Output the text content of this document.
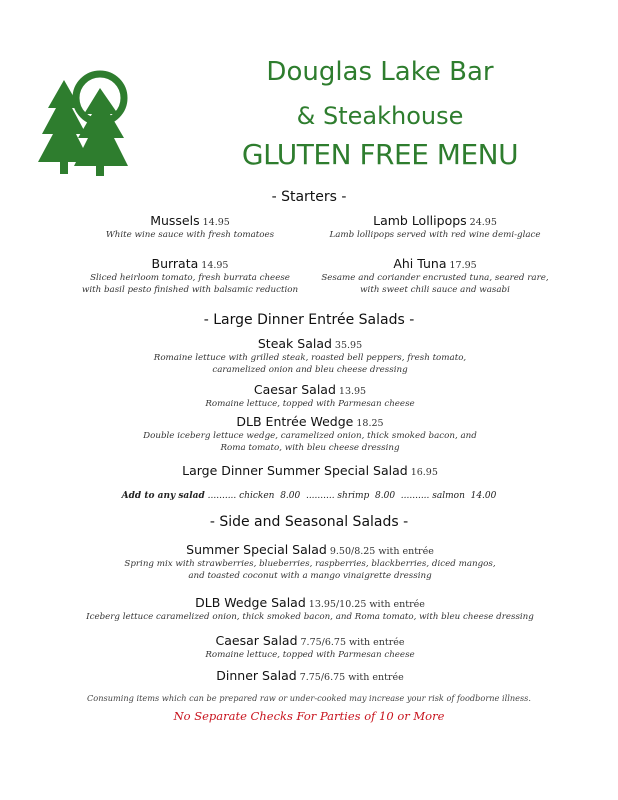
Douglas Lake Bar
& Steakhouse
GLUTEN FREE MENU
- Starters -
Mussels 14.95
White wine sauce with fresh tomatoes
Lamb Lollipops 24.95
Lamb lollipops served with red wine demi-glace
Burrata 14.95
Sliced heirloom tomato, fresh burrata cheese
with basil pesto finished with balsamic reduction
Ahi Tuna 17.95
Sesame and coriander encrusted tuna, seared rare,
with sweet chili sauce and wasabi
- Large Dinner Entrée Salads -
Steak Salad 35.95
Romaine lettuce with grilled steak, roasted bell peppers, fresh tomato,
caramelized onion and bleu cheese dressing
Caesar Salad 13.95
Romaine lettuce, topped with Parmesan cheese
DLB Entrée Wedge 18.25
Double iceberg lettuce wedge, caramelized onion, thick smoked bacon, and
Roma tomato, with bleu cheese dressing
Large Dinner Summer Special Salad 16.95
Add to any salad .......... chicken  8.00  .......... shrimp  8.00  .......... salmon  14.00
- Side and Seasonal Salads -
Summer Special Salad 9.50/8.25 with entrée
Spring mix with strawberries, blueberries, raspberries, blackberries, diced mangos,
and toasted coconut with a mango vinaigrette dressing
DLB Wedge Salad 13.95/10.25 with entrée
Iceberg lettuce caramelized onion, thick smoked bacon, and Roma tomato, with bleu cheese dressing
Caesar Salad 7.75/6.75 with entrée
Romaine lettuce, topped with Parmesan cheese
Dinner Salad 7.75/6.75 with entrée
Consuming items which can be prepared raw or under-cooked may increase your risk of foodborne illness.
No Separate Checks For Parties of 10 or More
